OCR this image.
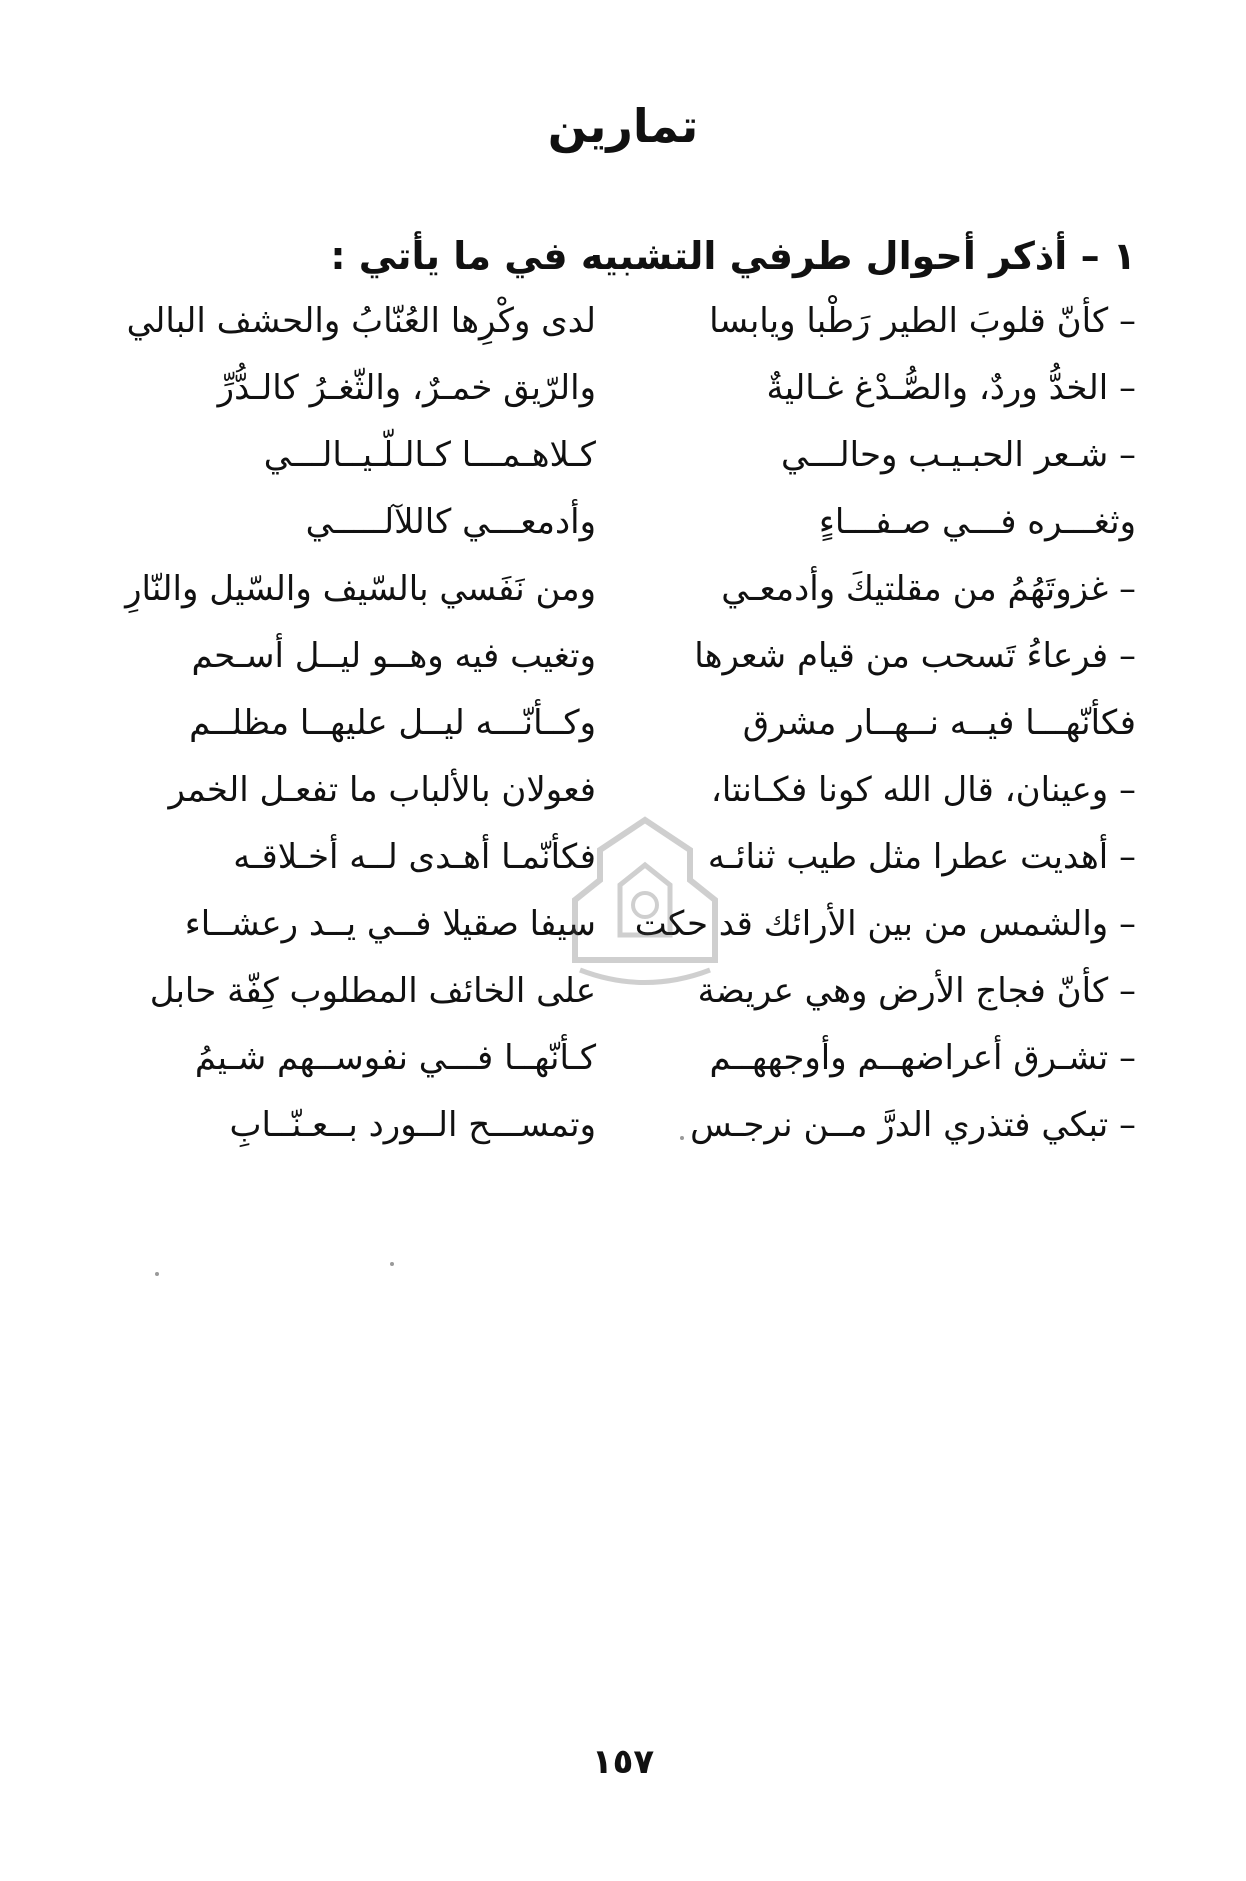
تمارين
١ – أذكر أحوال طرفي التشبيه في ما يأتي :
– كأنّ قلوبَ الطير رَطْبا ويابسا
لدى وكْرِها العُنّابُ والحشف البالي
– الخدُّ وردٌ، والصُّـدْغ غـاليةٌ
والرّيق خمـرٌ، والثّغـرُ كالـدُّرِّ
– شـعر الحبـيـب وحالـــي
كـلاهـمـــا كـالـلّـيــالـــي
وثغـــره فـــي صـفـــاءٍ
وأدمعـــي كاللآلـــــي
– غزوتَهُمُ من مقلتيكَ وأدمعـي
ومن نَفَسي بالسّيف والسّيل والنّارِ
– فرعاءُ تَسحب من قيام شعرها
وتغيب فيه وهــو ليــل أسـحم
فكأنّهـــا فيــه نــهــار مشرق
وكــأنّـــه ليــل عليهــا مظلــم
– وعينان، قال الله كونا فكـانتا،
فعولان بالألباب ما تفعـل الخمر
– أهديت عطرا مثل طيب ثنائـه
فكأنّمـا أهـدى لــه أخـلاقـه
– والشمس من بين الأرائك قد حكت
سيفا صقيلا فــي يــد رعشــاء
– كأنّ فجاج الأرض وهي عريضة
على الخائف المطلوب كِفّة حابل
– تشـرق أعراضهــم وأوجههــم
كـأنّهــا فـــي نفوســهم شـيمُ
– تبكي فتذري الدرَّ مــن نرجـس
وتمســـح الــورد بــعـنّــابِ
١٥٧
